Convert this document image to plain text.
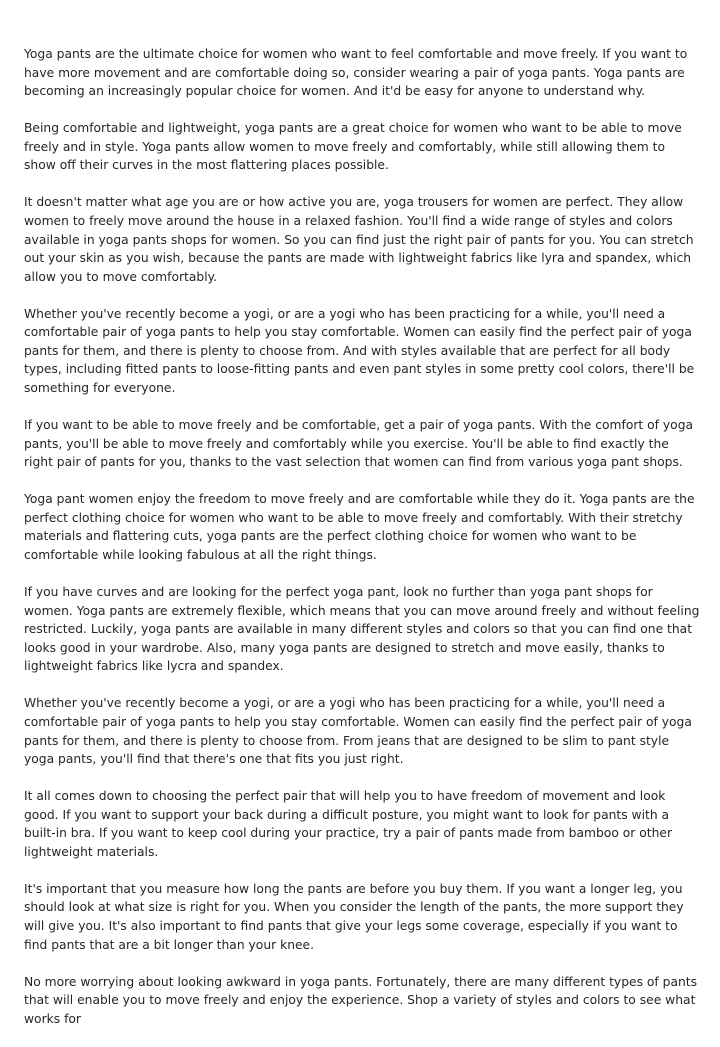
Yoga pants are the ultimate choice for women who want to feel comfortable and move freely. If you want to have more movement and are comfortable doing so, consider wearing a pair of yoga pants. Yoga pants are becoming an increasingly popular choice for women. And it'd be easy for anyone to understand why.

Being comfortable and lightweight, yoga pants are a great choice for women who want to be able to move freely and in style. Yoga pants allow women to move freely and comfortably, while still allowing them to show off their curves in the most flattering places possible.

It doesn't matter what age you are or how active you are, yoga trousers for women are perfect. They allow women to freely move around the house in a relaxed fashion. You'll find a wide range of styles and colors available in yoga pants shops for women. So you can find just the right pair of pants for you. You can stretch out your skin as you wish, because the pants are made with lightweight fabrics like lyra and spandex, which allow you to move comfortably.

Whether you've recently become a yogi, or are a yogi who has been practicing for a while, you'll need a comfortable pair of yoga pants to help you stay comfortable. Women can easily find the perfect pair of yoga pants for them, and there is plenty to choose from. And with styles available that are perfect for all body types, including fitted pants to loose-fitting pants and even pant styles in some pretty cool colors, there'll be something for everyone.

If you want to be able to move freely and be comfortable, get a pair of yoga pants. With the comfort of yoga pants, you'll be able to move freely and comfortably while you exercise. You'll be able to find exactly the right pair of pants for you, thanks to the vast selection that women can find from various yoga pant shops.

Yoga pant women enjoy the freedom to move freely and are comfortable while they do it. Yoga pants are the perfect clothing choice for women who want to be able to move freely and comfortably. With their stretchy materials and flattering cuts, yoga pants are the perfect clothing choice for women who want to be comfortable while looking fabulous at all the right things.

If you have curves and are looking for the perfect yoga pant, look no further than yoga pant shops for women. Yoga pants are extremely flexible, which means that you can move around freely and without feeling restricted. Luckily, yoga pants are available in many different styles and colors so that you can find one that looks good in your wardrobe. Also, many yoga pants are designed to stretch and move easily, thanks to lightweight fabrics like lycra and spandex.

Whether you've recently become a yogi, or are a yogi who has been practicing for a while, you'll need a comfortable pair of yoga pants to help you stay comfortable. Women can easily find the perfect pair of yoga pants for them, and there is plenty to choose from. From jeans that are designed to be slim to pant style yoga pants, you'll find that there's one that fits you just right.

It all comes down to choosing the perfect pair that will help you to have freedom of movement and look good. If you want to support your back during a difficult posture, you might want to look for pants with a built-in bra. If you want to keep cool during your practice, try a pair of pants made from bamboo or other lightweight materials.

It's important that you measure how long the pants are before you buy them. If you want a longer leg, you should look at what size is right for you. When you consider the length of the pants, the more support they will give you. It's also important to find pants that give your legs some coverage, especially if you want to find pants that are a bit longer than your knee.

No more worrying about looking awkward in yoga pants. Fortunately, there are many different types of pants that will enable you to move freely and enjoy the experience. Shop a variety of styles and colors to see what works for
